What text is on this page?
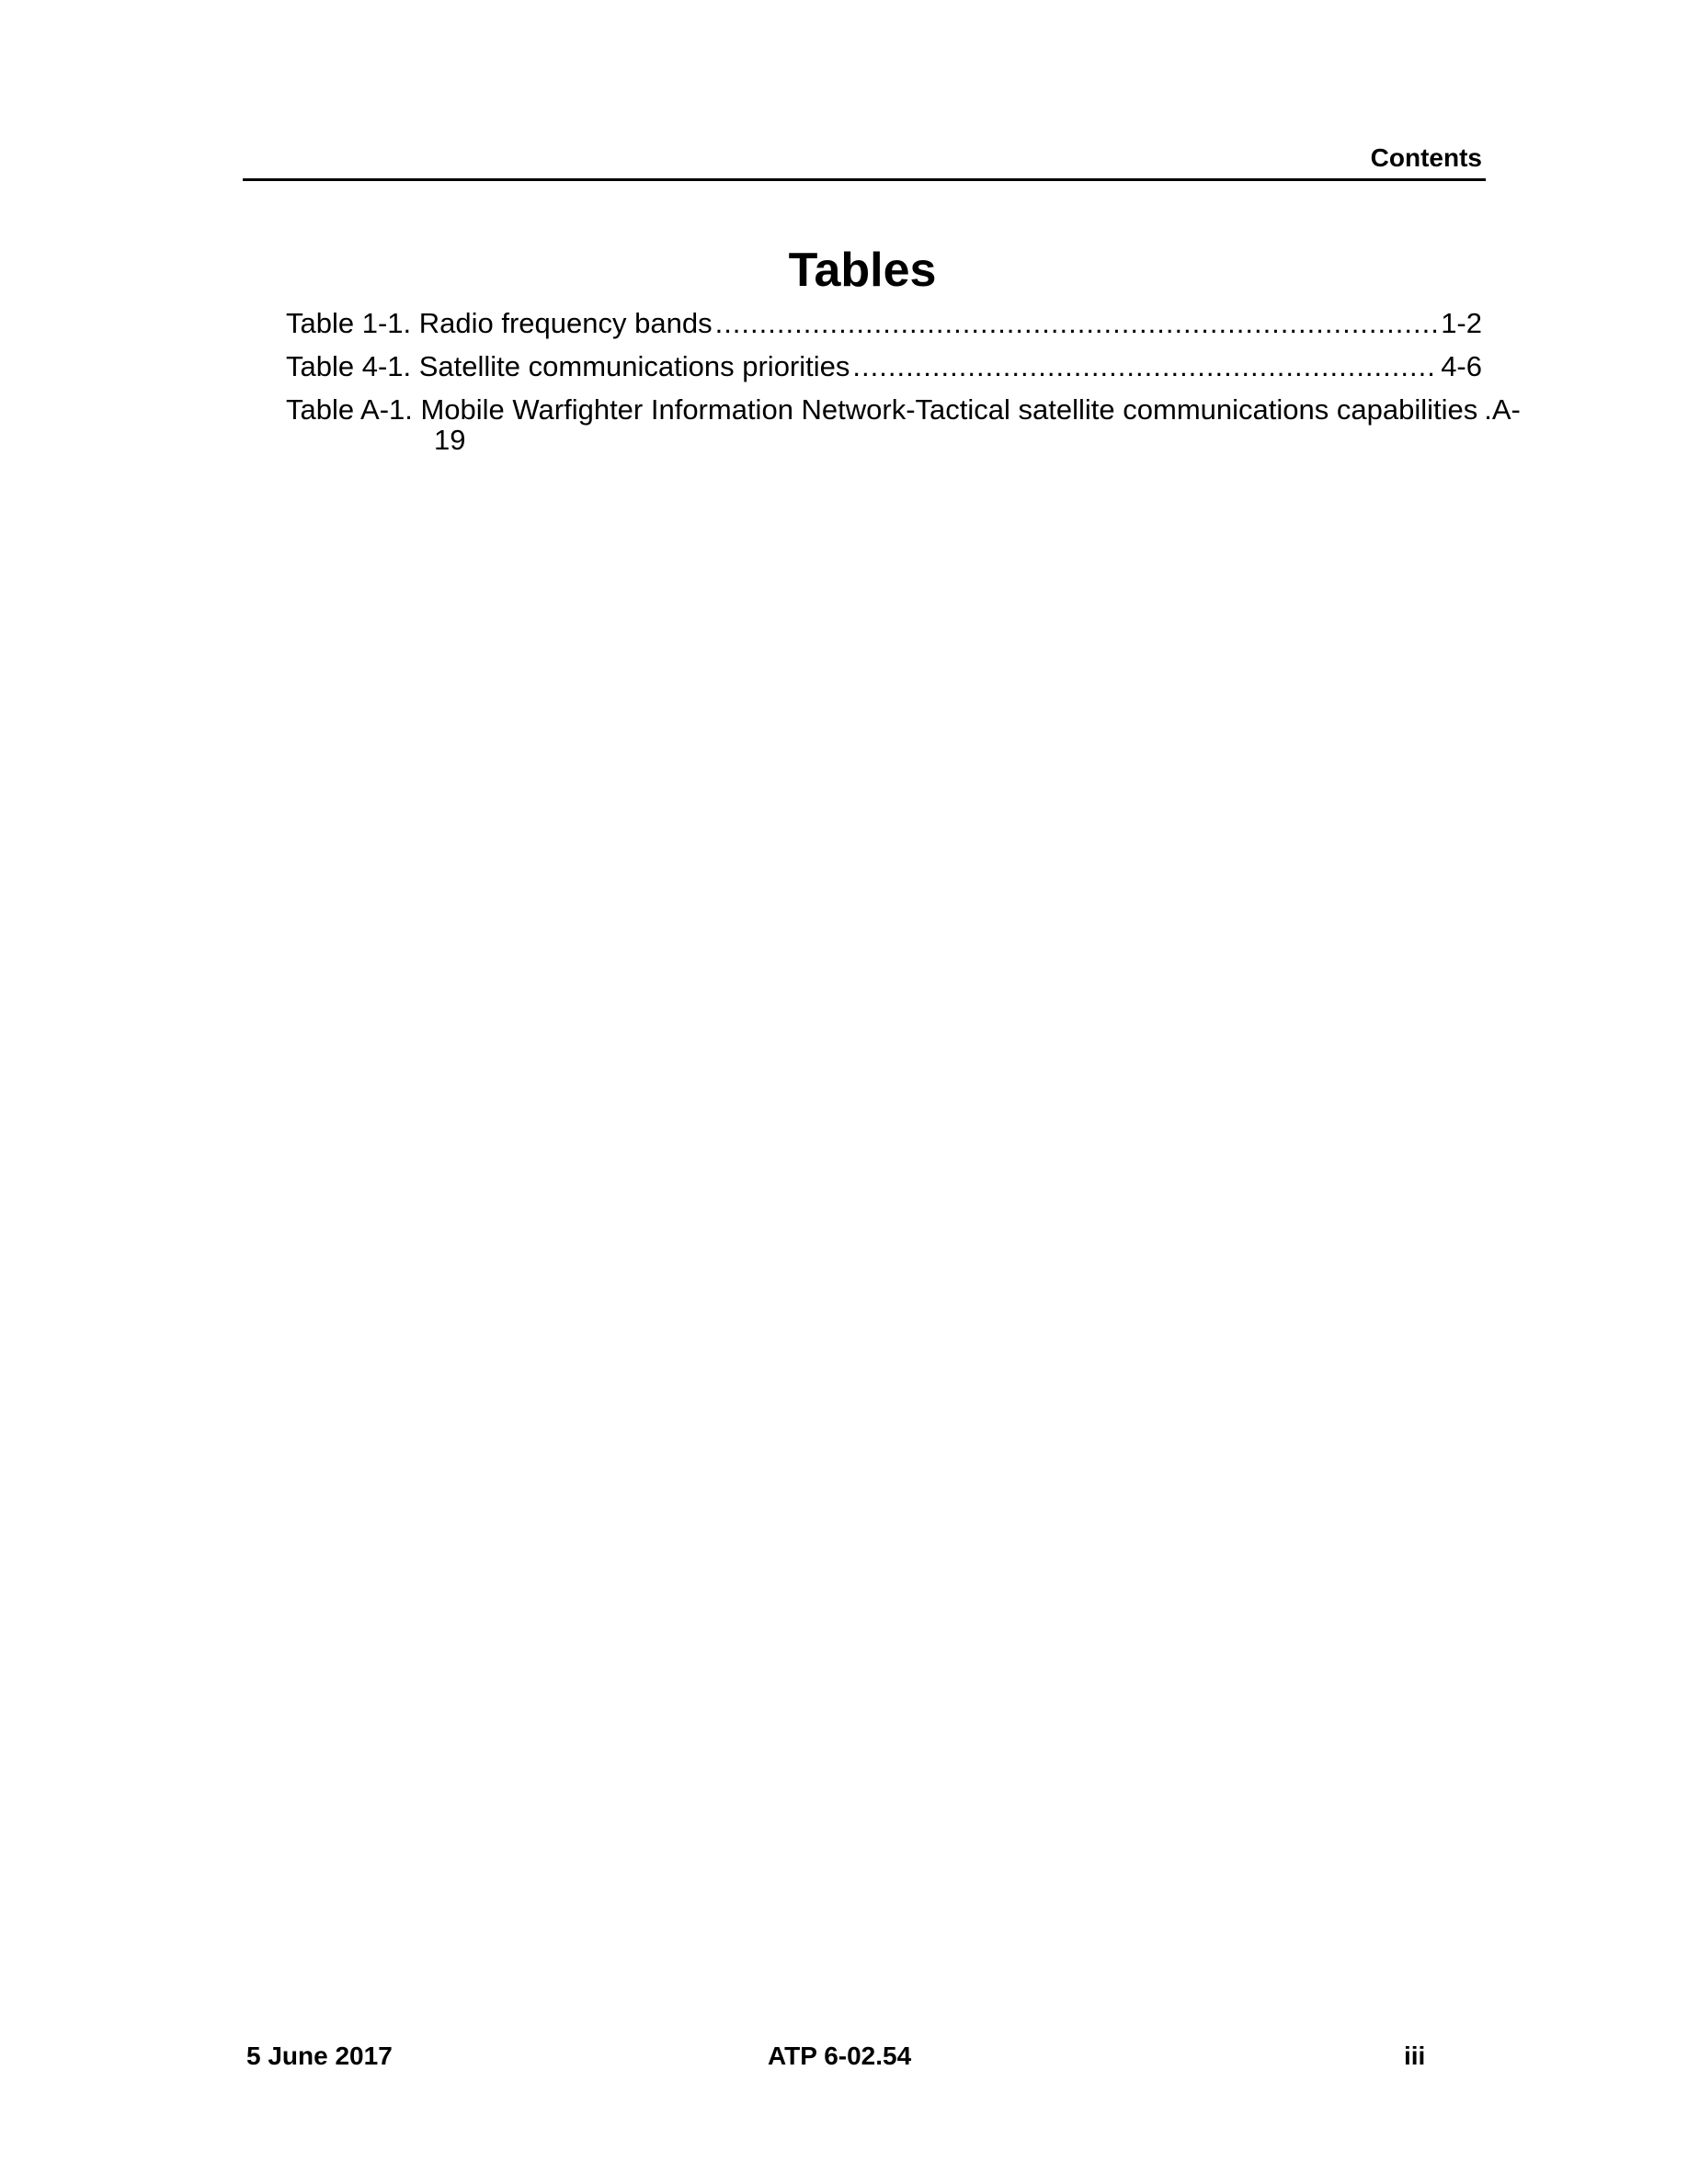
Contents
Tables
Table 1-1. Radio frequency bands .....	1-2
Table 4-1. Satellite communications priorities .....	4-6
Table A-1. Mobile Warfighter Information Network-Tactical satellite communications capabilities .A-
19
5 June 2017	ATP 6-02.54	iii
